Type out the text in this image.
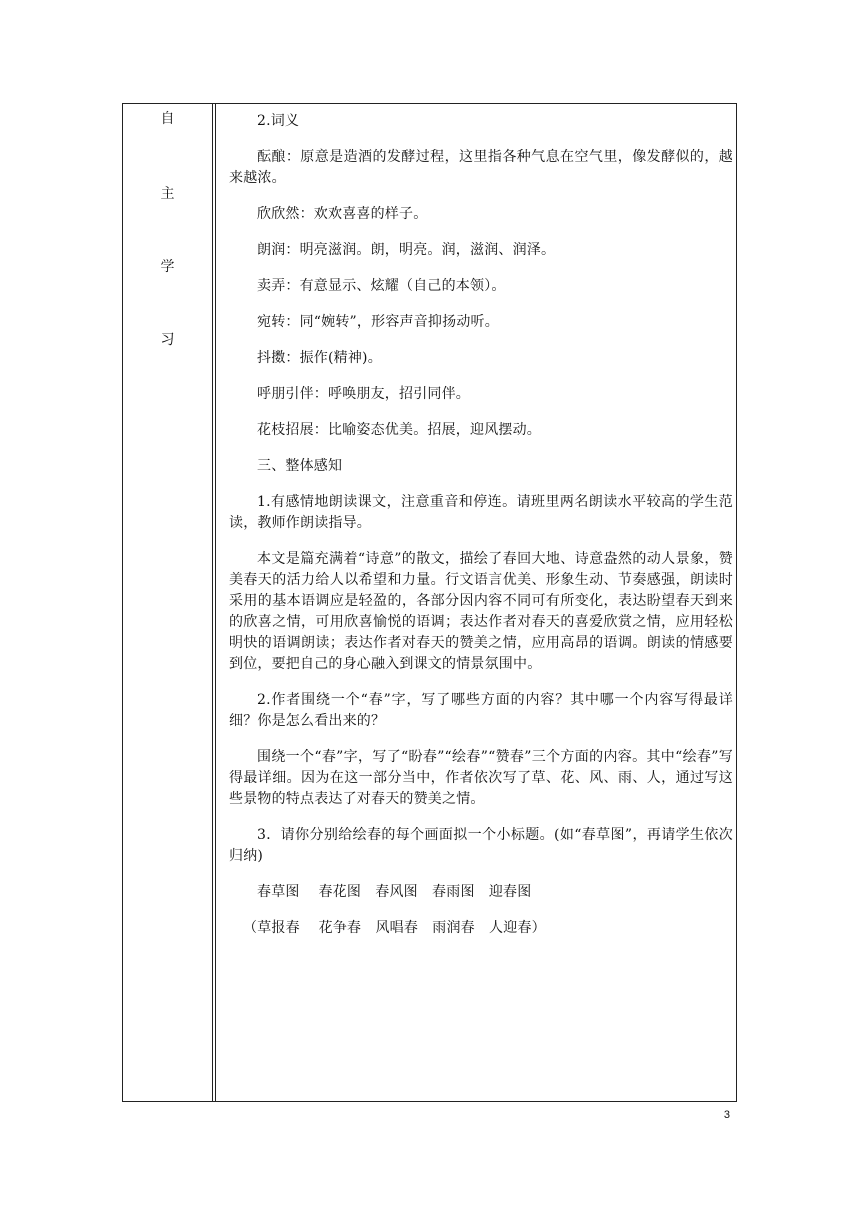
自
主
学
习

2.词义

酝酿：原意是造酒的发酵过程，这里指各种气息在空气里，像发酵似的，越来越浓。

欣欣然：欢欢喜喜的样子。

朗润：明亮滋润。朗，明亮。润，滋润、润泽。

卖弄：有意显示、炫耀（自己的本领）。

宛转：同“婉转”，形容声音抑扬动听。

抖擞：振作(精神)。

呼朋引伴：呼唤朋友，招引同伴。

花枝招展：比喻姿态优美。招展，迎风摆动。

三、整体感知

1.有感情地朗读课文，注意重音和停连。请班里两名朗读水平较高的学生范读，教师作朗读指导。

本文是篇充满着“诗意”的散文，描绘了春回大地、诗意盎然的动人景象，赞美春天的活力给人以希望和力量。行文语言优美、形象生动、节奏感强，朗读时采用的基本语调应是轻盈的，各部分因内容不同可有所变化，表达盼望春天到来的欣喜之情，可用欣喜愉悦的语调；表达作者对春天的喜爱欣赏之情，应用轻松明快的语调朗读；表达作者对春天的赞美之情，应用高昂的语调。朗读的情感要到位，要把自己的身心融入到课文的情景氛围中。

2.作者围绕一个“春”字，写了哪些方面的内容？其中哪一个内容写得最详细？你是怎么看出来的？

围绕一个“春”字，写了“盼春”“绘春”“赞春”三个方面的内容。其中“绘春”写得最详细。因为在这一部分当中，作者依次写了草、花、风、雨、人，通过写这些景物的特点表达了对春天的赞美之情。

3．请你分别给绘春的每个画面拟一个小标题。(如“春草图”，再请学生依次归纳)

春草图　 春花图　春风图　春雨图　迎春图

（草报春　 花争春　风唱春　雨润春　人迎春）

3
